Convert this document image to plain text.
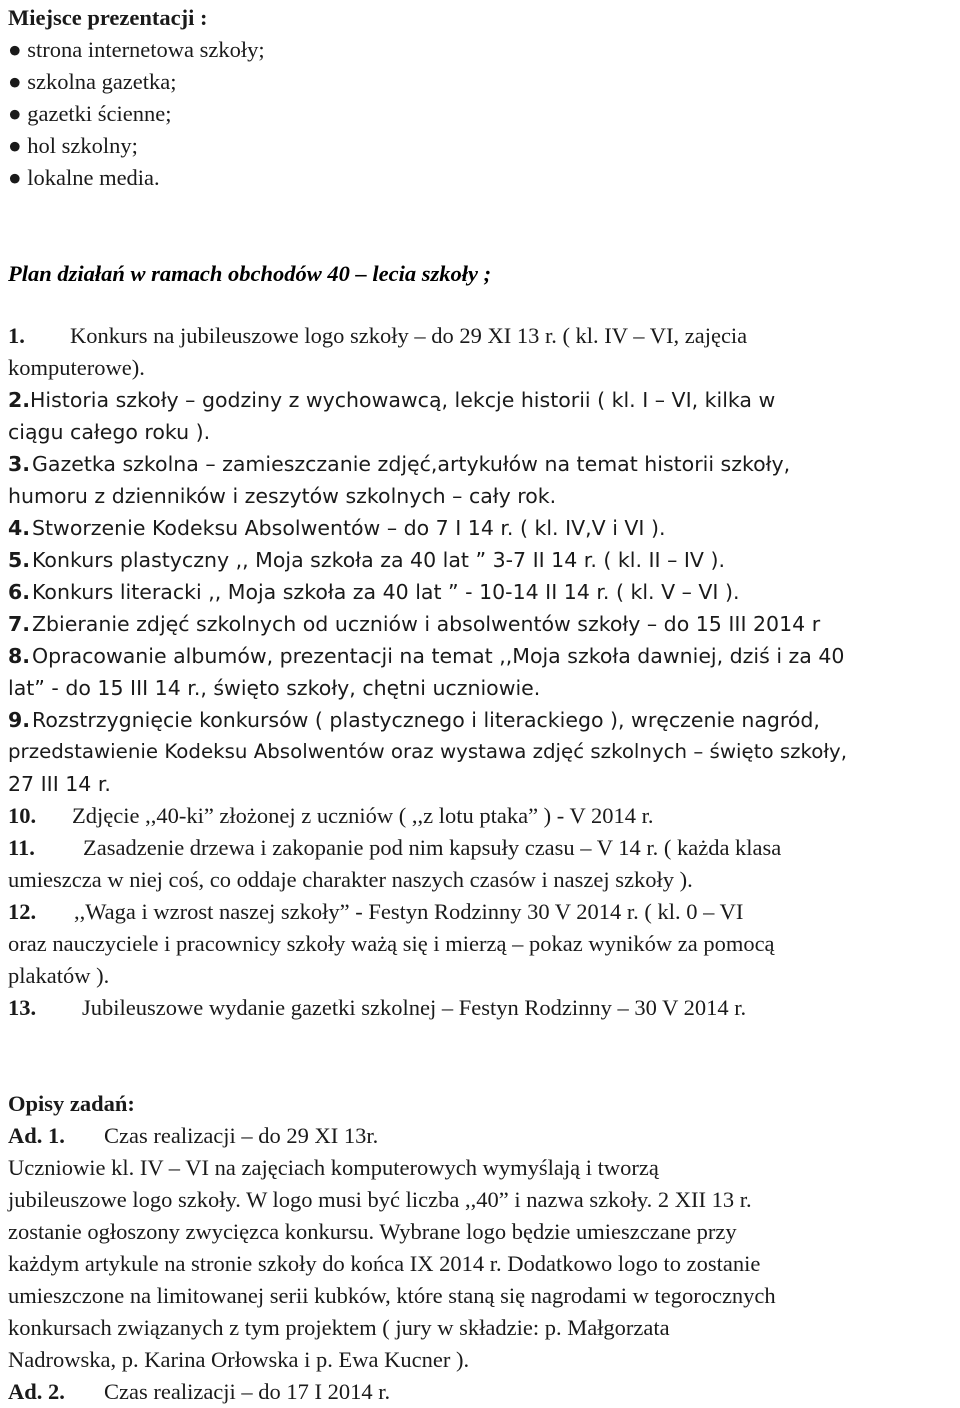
Miejsce prezentacji :
● strona internetowa szkoły;
● szkolna gazetka;
● gazetki ścienne;
● hol szkolny;
● lokalne media.
Plan działań w ramach obchodów 40 – lecia szkoły ;
1. Konkurs na jubileuszowe logo szkoły – do 29 XI 13 r. ( kl. IV – VI, zajęcia
komputerowe).
2.Historia szkoły – godziny z wychowawcą, lekcje historii ( kl. I – VI, kilka w
ciągu całego roku ).
3.Gazetka szkolna – zamieszczanie zdjęć,artykułów na temat historii szkoły,
humoru z dzienników i zeszytów szkolnych – cały rok.
4.Stworzenie Kodeksu Absolwentów – do 7 I 14 r. ( kl. IV,V i VI ).
5.Konkurs plastyczny ,, Moja szkoła za 40 lat ” 3-7 II 14 r. ( kl. II – IV ).
6.Konkurs literacki ,, Moja szkoła za 40 lat ” - 10-14 II 14 r. ( kl. V – VI ).
7.Zbieranie zdjęć szkolnych od uczniów i absolwentów szkoły – do 15 III 2014 r
8.Opracowanie albumów, prezentacji na temat ,,Moja szkoła dawniej, dziś i za 40
lat” - do 15 III 14 r., święto szkoły, chętni uczniowie.
9.Rozstrzygnięcie konkursów ( plastycznego i literackiego ), wręczenie nagród,
przedstawienie Kodeksu Absolwentów oraz wystawa zdjęć szkolnych – święto szkoły,
27 III 14 r.
10. Zdjęcie ,,40-ki” złożonej z uczniów ( ,,z lotu ptaka” ) - V 2014 r.
11. Zasadzenie drzewa i zakopanie pod nim kapsuły czasu – V 14 r. ( każda klasa
umieszcza w niej coś, co oddaje charakter naszych czasów i naszej szkoły ).
12. ,,Waga i wzrost naszej szkoły” - Festyn Rodzinny 30 V 2014 r. ( kl. 0 – VI
oraz nauczyciele i pracownicy szkoły ważą się i mierzą – pokaz wyników za pomocą
plakatów ).
13. Jubileuszowe wydanie gazetki szkolnej – Festyn Rodzinny – 30 V 2014 r.
Opisy zadań:
Ad. 1. Czas realizacji – do 29 XI 13r.
Uczniowie kl. IV – VI na zajęciach komputerowych wymyślają i tworzą
jubileuszowe logo szkoły. W logo musi być liczba ,,40” i nazwa szkoły. 2 XII 13 r.
zostanie ogłoszony zwycięzca konkursu. Wybrane logo będzie umieszczane przy
każdym artykule na stronie szkoły do końca IX 2014 r. Dodatkowo logo to zostanie
umieszczone na limitowanej serii kubków, które staną się nagrodami w tegorocznych
konkursach związanych z tym projektem ( jury w składzie: p. Małgorzata
Nadrowska, p. Karina Orłowska i p. Ewa Kucner ).
Ad. 2. Czas realizacji – do 17 I 2014 r.
